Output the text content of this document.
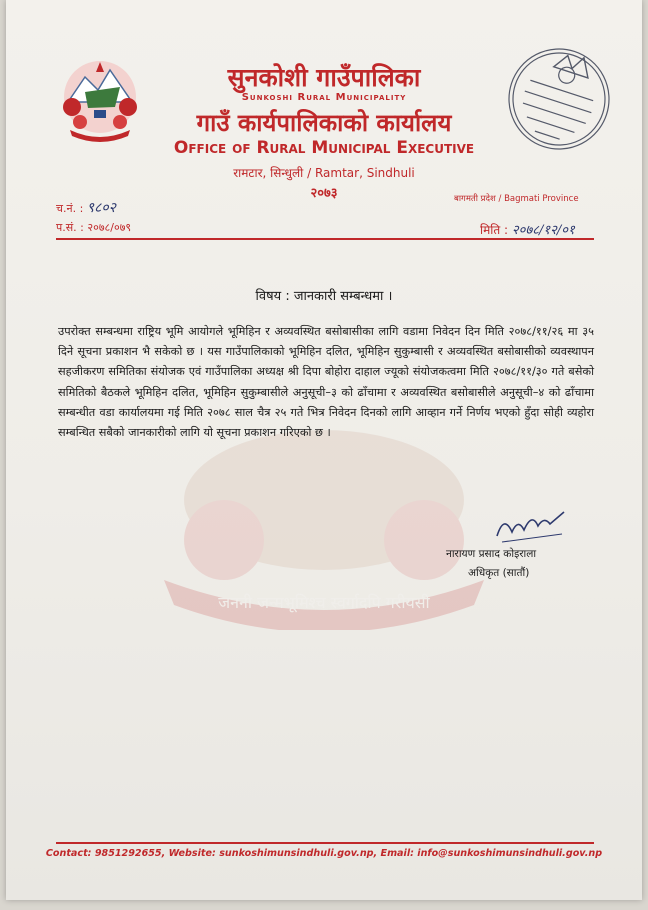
जननी जन्मभूमिश्च स्वर्गादपि गरीयसी
सुनकोशी गाउँपालिका
Sunkoshi Rural Municipality
गाउँ कार्यपालिकाको कार्यालय
Office of Rural Municipal Executive
रामटार, सिन्धुली / Ramtar, Sindhuli
२०७३
च.नं. : ९८०२
प.सं. : २०७८/०७९
बागमती प्रदेश / Bagmati Province
मिति : २०७८/१२/०१
विषय : जानकारी सम्बन्धमा ।
उपरोक्त सम्बन्धमा राष्ट्रिय भूमि आयोगले भूमिहिन र अव्यवस्थित बसोबासीका लागि वडामा निवेदन दिन मिति २०७८/११/२६ मा ३५ दिने सूचना प्रकाशन भै सकेको छ । यस गाउँपालिकाको भूमिहिन दलित, भूमिहिन सुकुम्बासी र अव्यवस्थित बसोबासीको व्यवस्थापन सहजीकरण समितिका संयोजक एवं गाउँपालिका अध्यक्ष श्री दिपा बोहोरा दाहाल ज्यूको संयोजकत्वमा मिति २०७८/११/३० गते बसेको समितिको बैठकले भूमिहिन दलित, भूमिहिन सुकुम्बासीले अनुसूची–३ को ढाँचामा र अव्यवस्थित बसोबासीले अनुसूची–४ को ढाँचामा सम्बन्धीत वडा कार्यालयमा गई मिति २०७८ साल चैत्र २५ गते भित्र निवेदन दिनको लागि आव्हान गर्ने निर्णय भएको हुँदा सोही व्यहोरा सम्बन्धित सबैको जानकारीको लागि यो सूचना प्रकाशन गरिएको छ ।
नारायण प्रसाद कोइराला
अधिकृत (सातौं)
Contact: 9851292655, Website: sunkoshimunsindhuli.gov.np, Email: info@sunkoshimunsindhuli.gov.np
